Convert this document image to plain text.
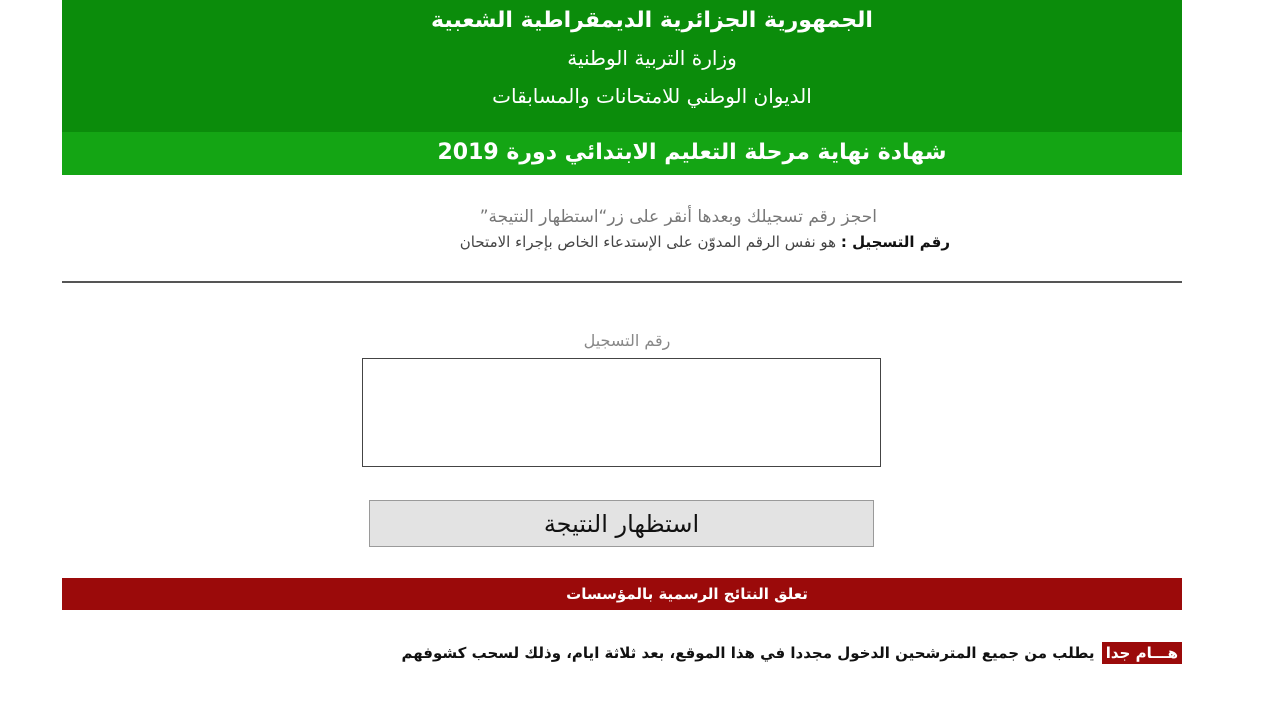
الجمهورية الجزائرية الديمقراطية الشعبية
وزارة التربية الوطنية
الديوان الوطني للامتحانات والمسابقات
شهادة نهاية مرحلة التعليم الابتدائي دورة 2019
احجز رقم تسجيلك وبعدها أنقر على زر“استظهار النتيجة”
رقم التسجيل : هو نفس الرقم المدوّن على الإستدعاء الخاص بإجراء الامتحان
رقم التسجيل
استظهار النتيجة
تعلق النتائج الرسمية بالمؤسسات
هـــام جدا يطلب من جميع المترشحين الدخول مجددا في هذا الموقع، بعد ثلاثة ايام، وذلك لسحب كشوفهم
